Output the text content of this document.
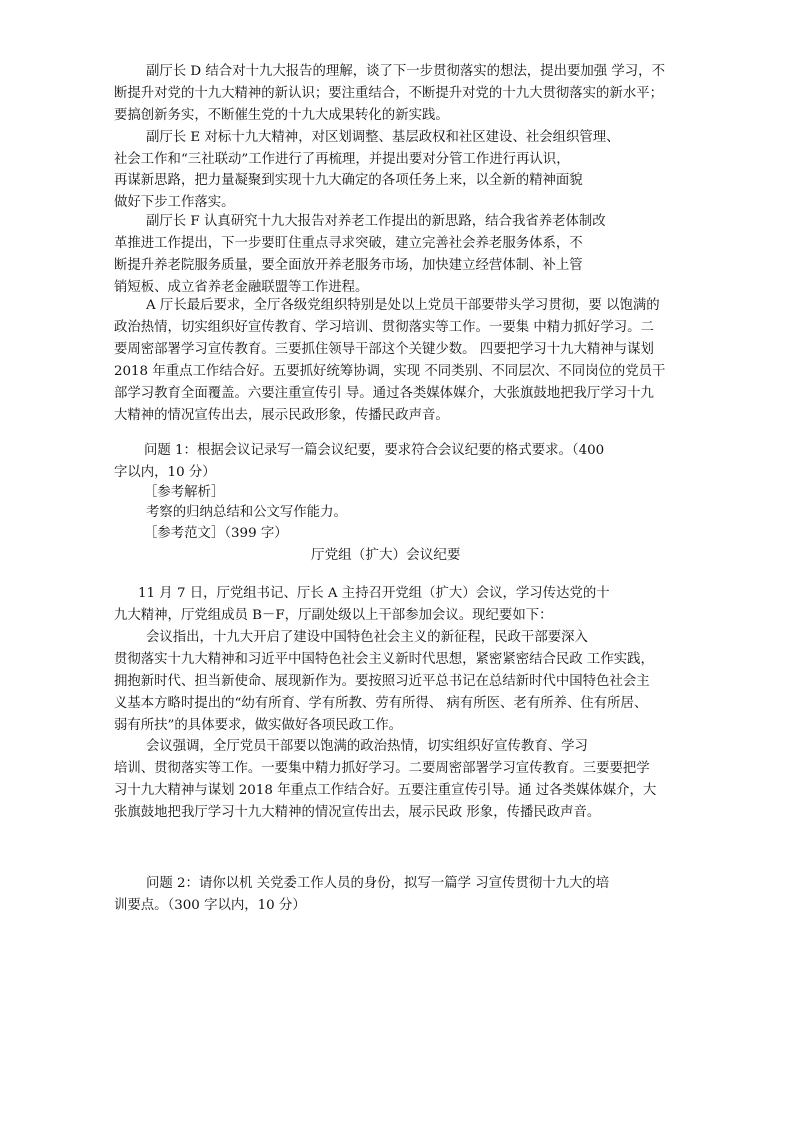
副厅长 D 结合对十九大报告的理解，谈了下一步贯彻落实的想法，提出要加强 学习，不

断提升对党的十九大精神的新认识；要注重结合，不断提升对党的十九大贯彻落实的新水平；

要搞创新务实，不断催生党的十九大成果转化的新实践。

副厅长 E 对标十九大精神，对区划调整、基层政权和社区建设、社会组织管理、

社会工作和“三社联动”工作进行了再梳理，并提出要对分管工作进行再认识，

再谋新思路，把力量凝聚到实现十九大确定的各项任务上来，以全新的精神面貌

做好下步工作落实。

副厅长 F 认真研究十九大报告对养老工作提出的新思路，结合我省养老体制改

革推进工作提出，下一步要盯住重点寻求突破，建立完善社会养老服务体系，不

断提升养老院服务质量，要全面放开养老服务市场，加快建立经营体制、补上管

销短板、成立省养老金融联盟等工作进程。

A 厅长最后要求，全厅各级党组织特别是处以上党员干部要带头学习贯彻，要 以饱满的

政治热情，切实组织好宣传教育、学习培训、贯彻落实等工作。一要集 中精力抓好学习。二

要周密部署学习宣传教育。三要抓住领导干部这个关键少数。 四要把学习十九大精神与谋划

2018 年重点工作结合好。五要抓好统筹协调，实现 不同类别、不同层次、不同岗位的党员干

部学习教育全面覆盖。六要注重宣传引 导。通过各类媒体媒介，大张旗鼓地把我厅学习十九

大精神的情况宣传出去，展示民政形象，传播民政声音。

问题 1：根据会议记录写一篇会议纪要，要求符合会议纪要的格式要求。（400

字以内，10 分）

［参考解析］

考察的归纳总结和公文写作能力。

［参考范文］（399 字）

厅党组（扩大）会议纪要

11 月 7 日，厅党组书记、厅长 A 主持召开党组（扩大）会议，学习传达党的十

九大精神，厅党组成员 B－F，厅副处级以上干部参加会议。现纪要如下：

会议指出，十九大开启了建设中国特色社会主义的新征程，民政干部要深入

贯彻落实十九大精神和习近平中国特色社会主义新时代思想，紧密紧密结合民政 工作实践，

拥抱新时代、担当新使命、展现新作为。要按照习近平总书记在总结新时代中国特色社会主

义基本方略时提出的“幼有所育、学有所教、劳有所得、 病有所医、老有所养、住有所居、

弱有所扶”的具体要求，做实做好各项民政工作。

会议强调，全厅党员干部要以饱满的政治热情，切实组织好宣传教育、学习

培训、贯彻落实等工作。一要集中精力抓好学习。二要周密部署学习宣传教育。三要要把学

习十九大精神与谋划 2018 年重点工作结合好。五要注重宣传引导。通 过各类媒体媒介，大

张旗鼓地把我厅学习十九大精神的情况宣传出去，展示民政 形象，传播民政声音。

问题 2：请你以机 关党委工作人员的身份，拟写一篇学 习宣传贯彻十九大的培

训要点。（300 字以内，10 分）
